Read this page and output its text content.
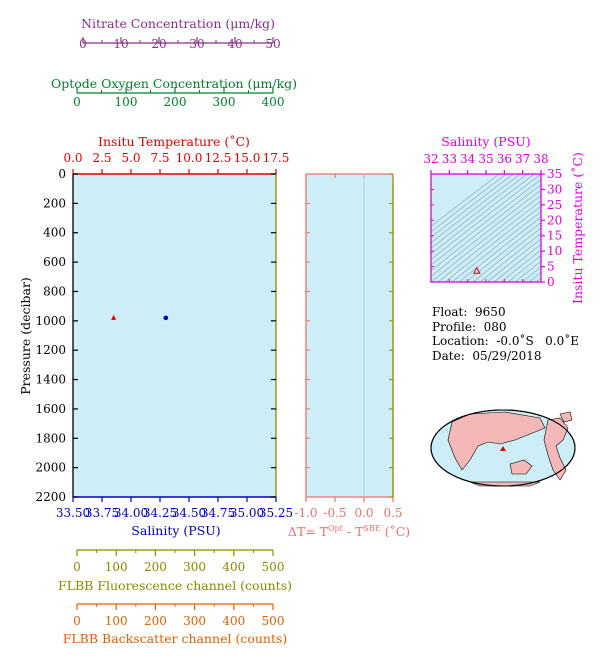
0 10 20 30 40 50
Nitrate Concentration (μm/kg)
0	100 200 300 400
Optode Oxygen Concentration (μm/kg)
0.0 2.5 5.0 7.5 10.0 12.5 15.0 17.5
Insitu Temperature (˚C)
33.50
33.75
34.00
34.25
34.50
34.75
35.00
35.25
Salinity (PSU)
0
200
400
600
800
1000
1200
1400
1600
1800
2000
2200
Pressure (decibar)
0 100 200 300 400 500
FLBB Fluorescence channel (counts)
0 100 200 300 400 500
FLBB Backscatter channel (counts)
-1.0 -0.5 0.0 0.5
$\Delta T= T^{Opt} - T^{SBE}$ (˚C)
32 33 34 35 36 37 38
Salinity (PSU)
0
5
10
15
20
25
30
35 Insitu Temperature (˚C)
Float:  9650
Profile:  080
Location:  -0.0˚S   0.0˚E
Date:  05/29/2018
